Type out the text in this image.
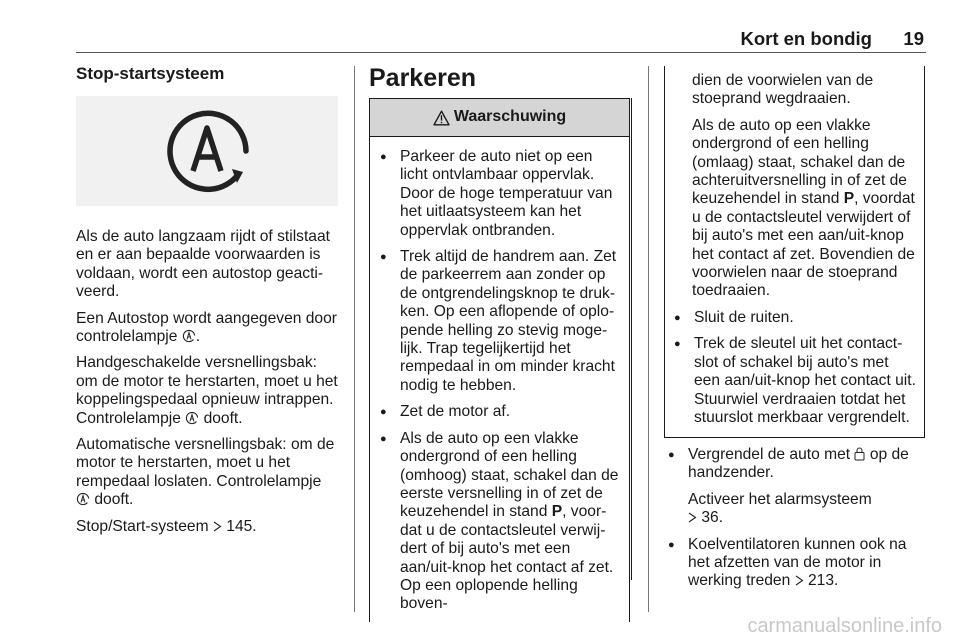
Kort en bondig 19
Stop-startsysteem

Als de auto langzaam rijdt of stilstaat en er aan bepaalde voorwaarden is voldaan, wordt een autostop geactiveerd.

Een Autostop wordt aangegeven door controlelampje .

Handgeschakelde versnellingsbak: om de motor te herstarten, moet u het koppelingspedaal opnieuw intrappen. Controlelampje dooft.

Automatische versnellingsbak: om de motor te herstarten, moet u het rempedaal loslaten. Controlelampje
dooft.

Stop/Start-systeem 145.

Parkeren
Waarschuwing
● Parkeer de auto niet op een licht ontvlambaar oppervlak. Door de hoge temperatuur van het uitlaatsysteem kan het oppervlak ontbranden.
● Trek altijd de handrem aan. Zet de parkeerrem aan zonder op de ontgrendelingsknop te drukken. Op een aflopende of oplopende helling zo stevig mogelijk. Trap tegelijkertijd het rempedaal in om minder kracht nodig te hebben.
● Zet de motor af.
● Als de auto op een vlakke ondergrond of een helling (omhoog) staat, schakel dan de eerste versnelling in of zet de keuzehendel in stand P, voordat u de contactsleutel verwijdert of bij auto's met een aan/uit-knop het contact af zet. Op een oplopende helling boven-

dien de voorwielen van de stoeprand wegdraaien.

Als de auto op een vlakke ondergrond of een helling (omlaag) staat, schakel dan de achteruitversnelling in of zet de keuzehendel in stand P, voordat u de contactsleutel verwijdert of bij auto's met een aan/uit-knop het contact af zet. Bovendien de voorwielen naar de stoeprand toedraaien.

● Sluit de ruiten.
● Trek de sleutel uit het contactslot of schakel bij auto's met een aan/uit-knop het contact uit. Stuurwiel verdraaien totdat het stuurslot merkbaar vergrendelt.
● Vergrendel de auto met op de handzender.

Activeer het alarmsysteem
36.

● Koelventilatoren kunnen ook na het afzetten van de motor in werking treden 213.
carmanualsonline.info
